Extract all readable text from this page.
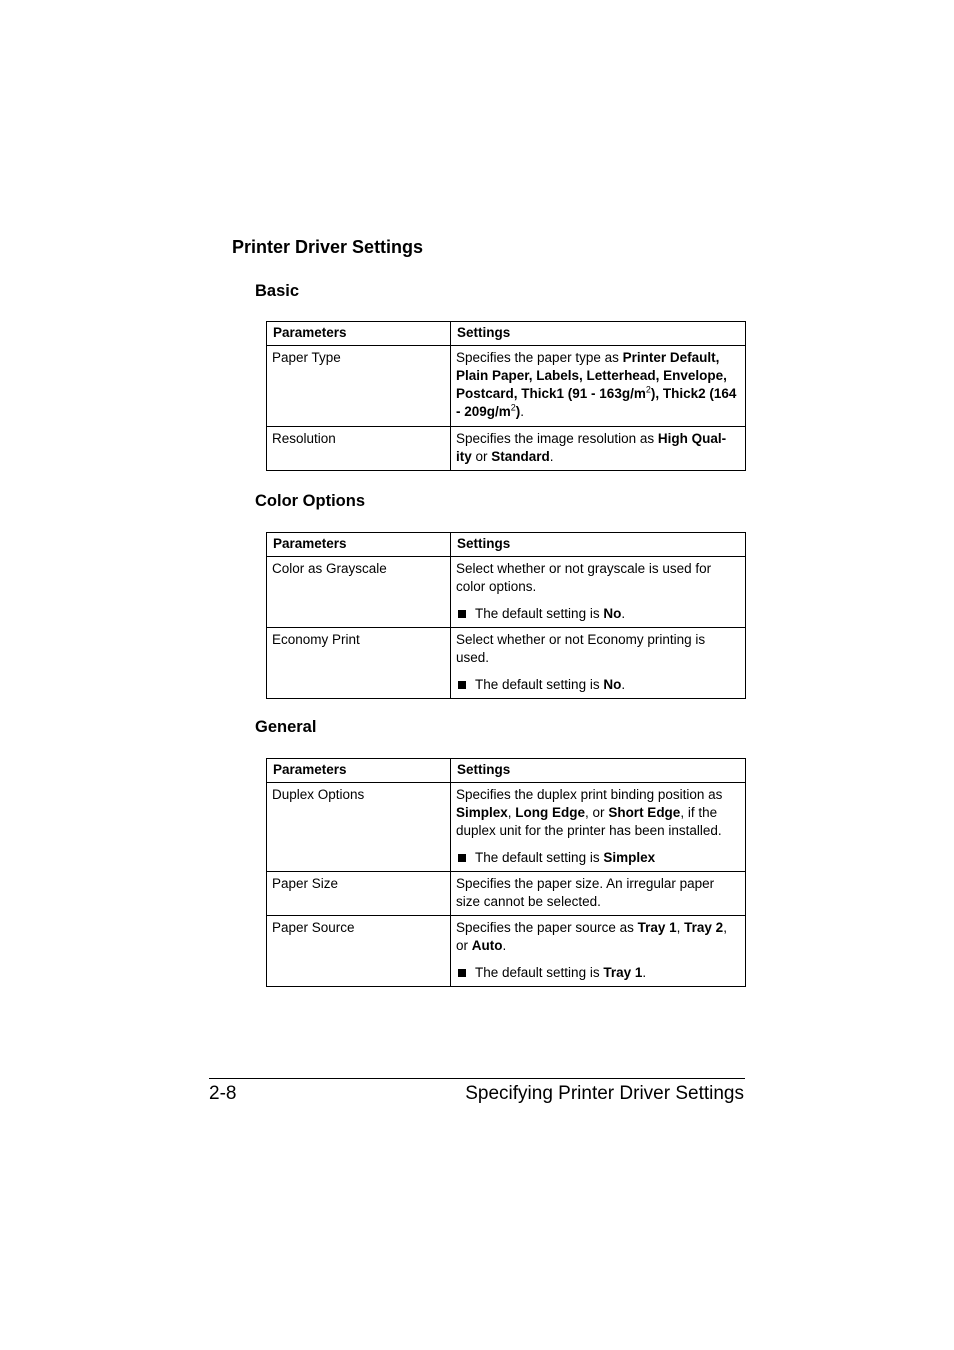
Printer Driver Settings
Basic
Parameters	Settings
Paper Type	Specifies the paper type as Printer Default, Plain Paper, Labels, Letterhead, Envelope, Postcard, Thick1 $(91 - 163g/m^2)$, Thick2 $(164 - 209g/m^2)$.
Resolution	Specifies the image resolution as High Qual-ity or Standard.
Color Options
Parameters	Settings
Color as Grayscale	Select whether or not grayscale is used for color options.

The default setting is No.

Economy Print	Select whether or not Economy printing is used.

The default setting is No.
General
Parameters	Settings
Duplex Options	Specifies the duplex print binding position as Simplex, Long Edge, or Short Edge, if the duplex unit for the printer has been installed.

The default setting is Simplex

Paper Size	Specifies the paper size. An irregular paper size cannot be selected.

Paper Source	Specifies the paper source as Tray 1, Tray 2, or Auto.

The default setting is Tray 1.
2-8	Specifying Printer Driver Settings
